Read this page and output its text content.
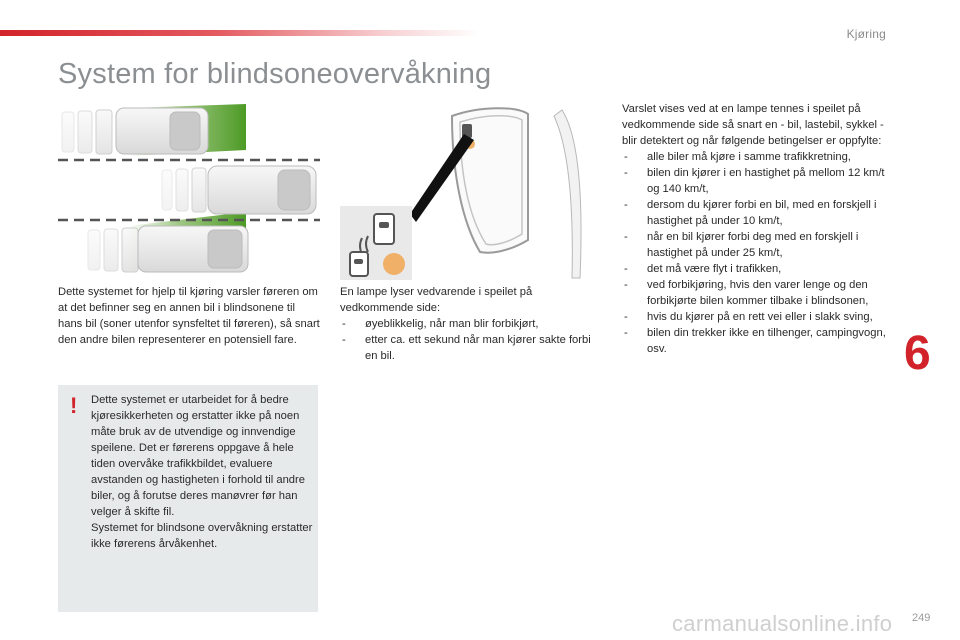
Kjøring
System for blindsoneovervåkning

Dette systemet for hjelp til kjøring varsler føreren om at det befinner seg en annen bil i blindsonene til hans bil (soner utenfor synsfeltet til føreren), så snart den andre bilen representerer en potensiell fare.

! Dette systemet er utarbeidet for å bedre kjøresikkerheten og erstatter ikke på noen måte bruk av de utvendige og innvendige speilene. Det er førerens oppgave å hele tiden overvåke trafikkbildet, evaluere avstanden og hastigheten i forhold til andre biler, og å forutse deres manøvrer før han velger å skifte fil.
Systemet for blindsone overvåkning erstatter ikke førerens årvåkenhet.
En lampe lyser vedvarende i speilet på vedkommende side:
- øyeblikkelig, når man blir forbikjørt,
- etter ca. ett sekund når man kjører sakte forbi en bil.
Varslet vises ved at en lampe tennes i speilet på vedkommende side så snart en - bil, lastebil, sykkel - blir detektert og når følgende betingelser er oppfylte:
- alle biler må kjøre i samme trafikkretning,
- bilen din kjører i en hastighet på mellom 12 km/t og 140 km/t,
- dersom du kjører forbi en bil, med en forskjell i hastighet på under 10 km/t,
- når en bil kjører forbi deg med en forskjell i hastighet på under 25 km/t,
- det må være flyt i trafikken,
- ved forbikjøring, hvis den varer lenge og den forbikjørte bilen kommer tilbake i blindsonen,
- hvis du kjører på en rett vei eller i slakk sving,
- bilen din trekker ikke en tilhenger, campingvogn, osv.	6
carmanualsonline.info 249
